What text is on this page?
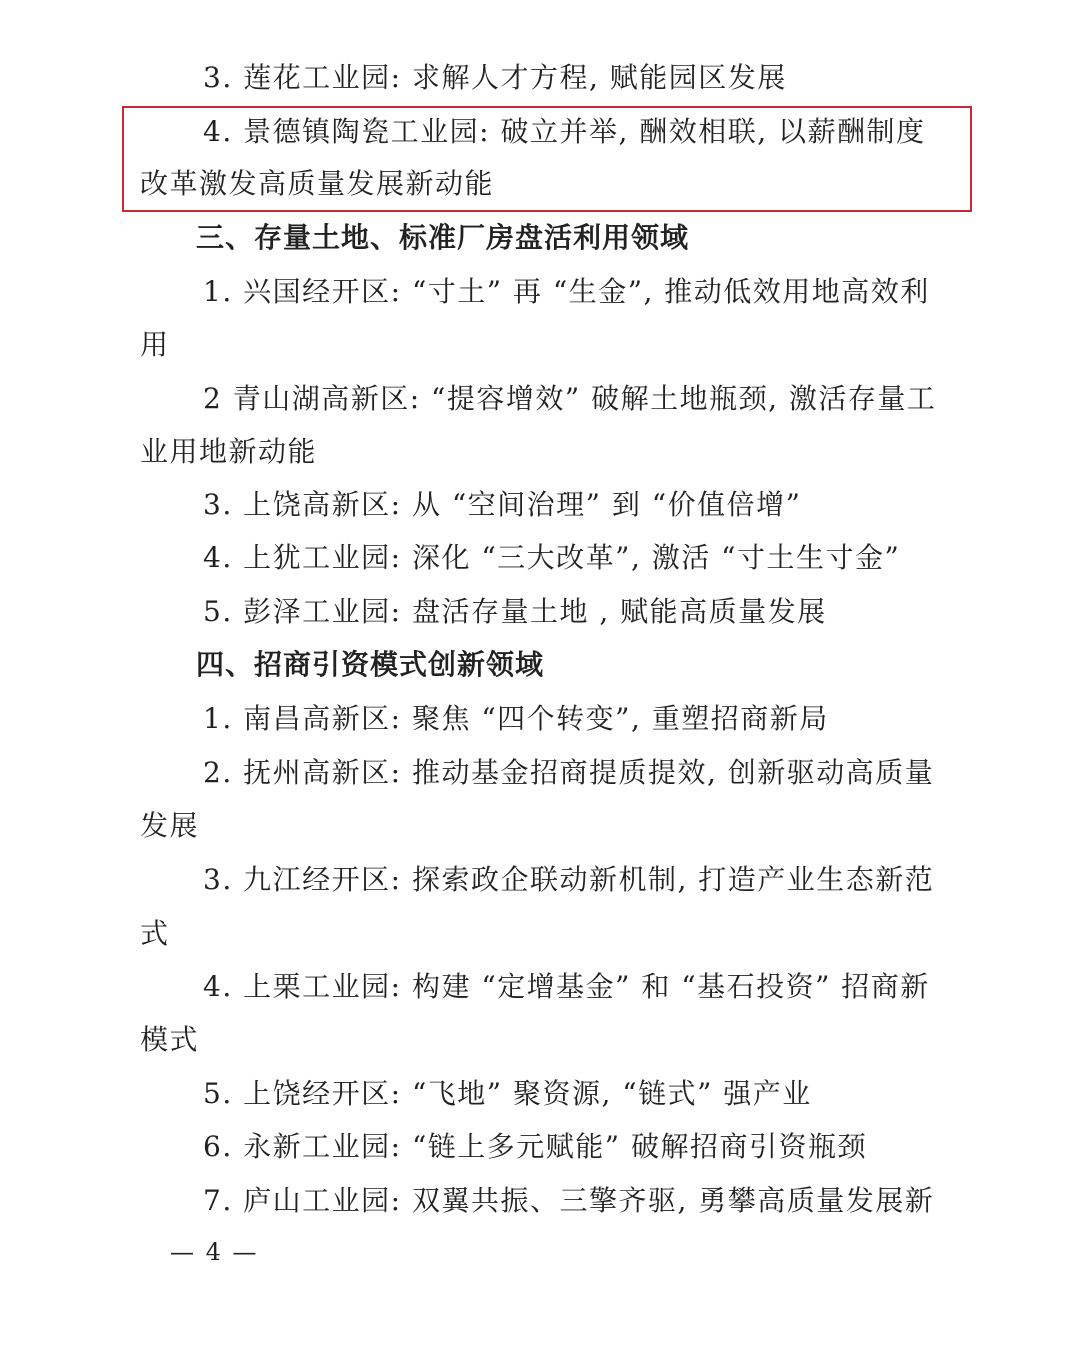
3. 莲花工业园: 求解人才方程, 赋能园区发展
4. 景德镇陶瓷工业园: 破立并举, 酬效相联, 以薪酬制度
改革激发高质量发展新动能
三、存量土地、标准厂房盘活利用领域
1. 兴国经开区: “寸土” 再 “生金”, 推动低效用地高效利
用
2 青山湖高新区: “提容增效” 破解土地瓶颈, 激活存量工
业用地新动能
3. 上饶高新区: 从 “空间治理” 到 “价值倍增”
4. 上犹工业园: 深化 “三大改革”, 激活 “寸土生寸金”
5. 彭泽工业园: 盘活存量土地 , 赋能高质量发展
四、招商引资模式创新领域
1. 南昌高新区: 聚焦 “四个转变”, 重塑招商新局
2. 抚州高新区: 推动基金招商提质提效, 创新驱动高质量
发展
3. 九江经开区: 探索政企联动新机制, 打造产业生态新范
式
4. 上栗工业园: 构建 “定增基金” 和 “基石投资” 招商新
模式
5. 上饶经开区: “飞地” 聚资源, “链式” 强产业
6. 永新工业园: “链上多元赋能” 破解招商引资瓶颈
7. 庐山工业园: 双翼共振、三擎齐驱, 勇攀高质量发展新
— 4 —
